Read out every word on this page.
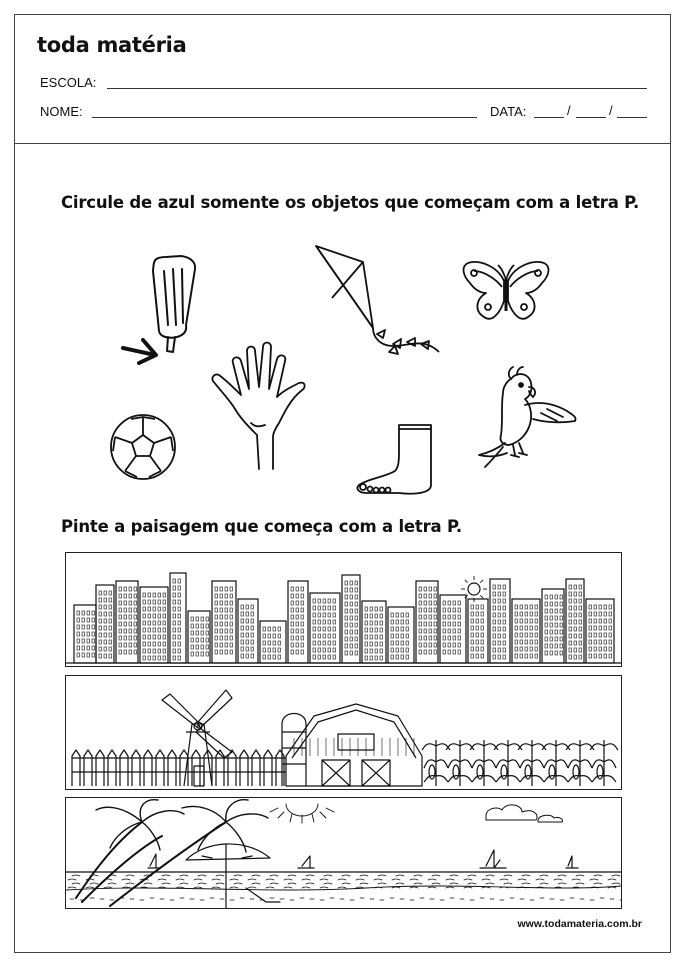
toda matéria
ESCOLA:
NOME:	DATA:	/	/
Circule de azul somente os objetos que começam com a letra P.
Pinte a paisagem que começa com a letra P.
www.todamateria.com.br
